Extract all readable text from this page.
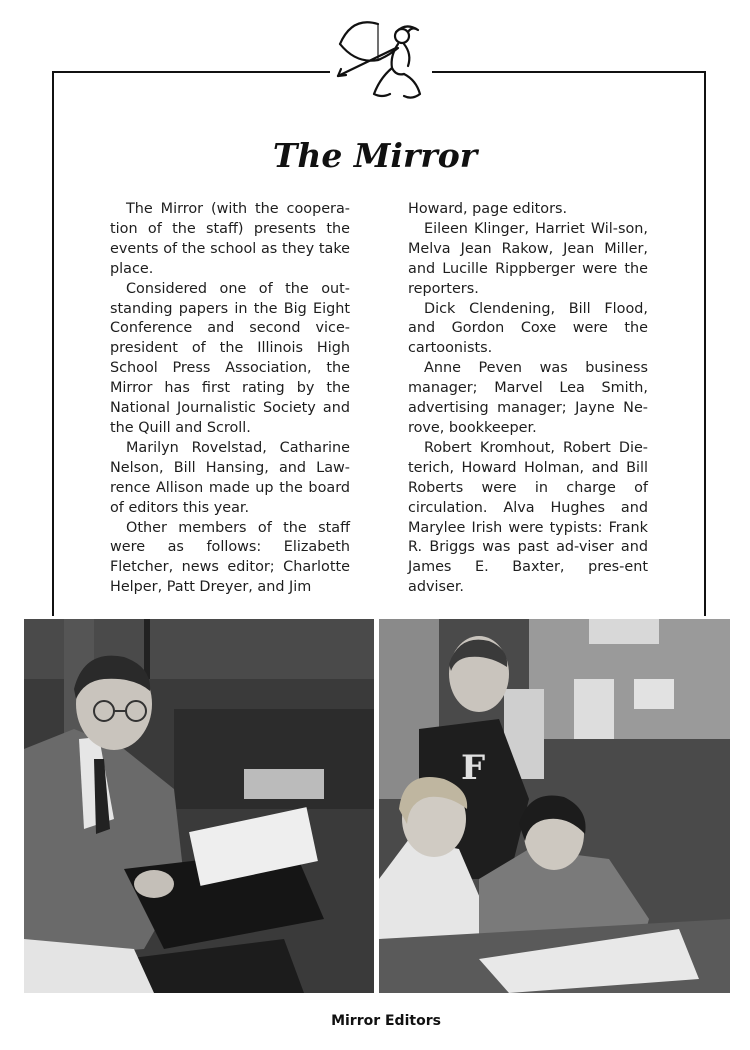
The Mirror

The Mirror (with the coopera-tion of the staff) presents the events of the school as they take place.

Considered one of the out-standing papers in the Big Eight Conference and second vice-president of the Illinois High School Press Association, the Mirror has first rating by the National Journalistic Society and the Quill and Scroll.

Marilyn Rovelstad, Catharine Nelson, Bill Hansing, and Law-rence Allison made up the board of editors this year.

Other members of the staff were as follows: Elizabeth Fletcher, news editor; Charlotte Helper, Patt Dreyer, and Jim

Howard, page editors.

Eileen Klinger, Harriet Wil-son, Melva Jean Rakow, Jean Miller, and Lucille Rippberger were the reporters.

Dick Clendening, Bill Flood, and Gordon Coxe were the cartoonists.

Anne Peven was business manager; Marvel Lea Smith, advertising manager; Jayne Ne-rove, bookkeeper.

Robert Kromhout, Robert Die-terich, Howard Holman, and Bill Roberts were in charge of circulation. Alva Hughes and Marylee Irish were typists: Frank R. Briggs was past ad-viser and James E. Baxter, pres-ent adviser.

F
Mirror Editors
